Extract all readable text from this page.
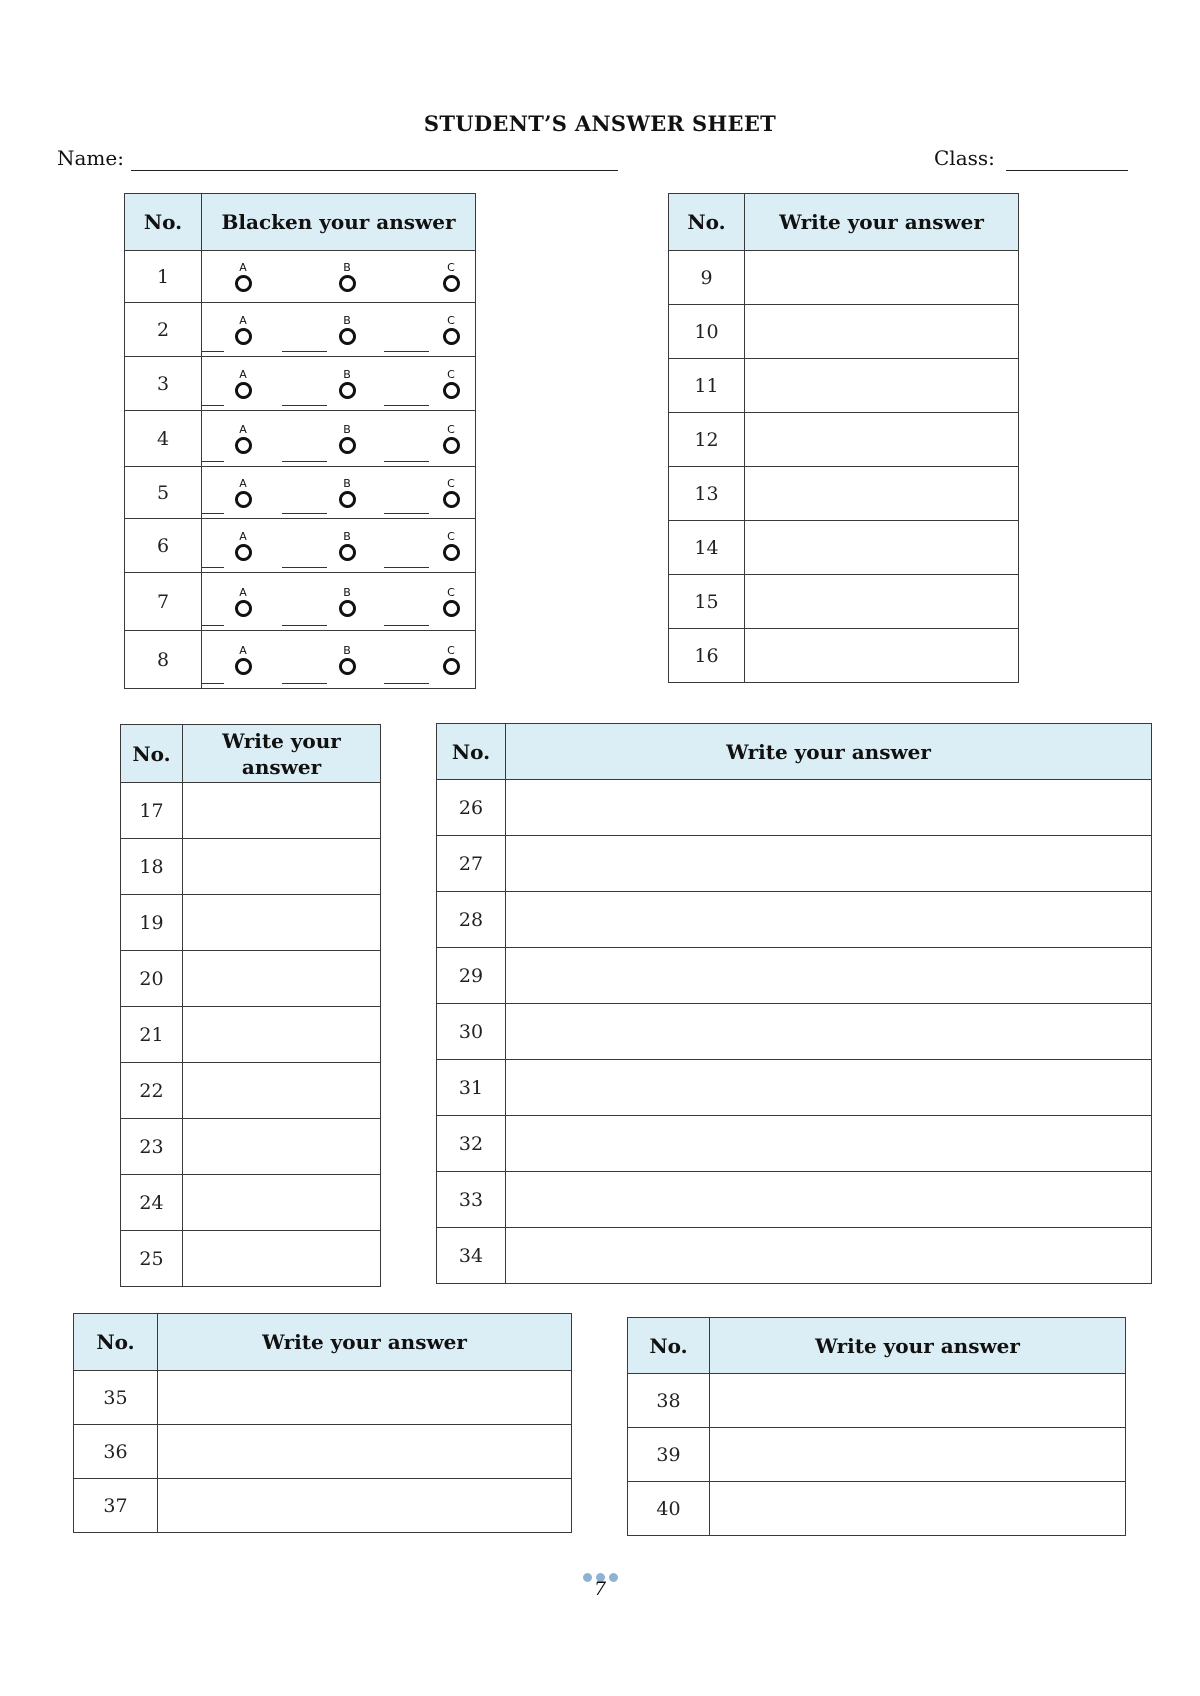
STUDENT’S ANSWER SHEET
Name:	Class:
No.	Blacken your answer
1	A B C

2	A B C

3	A B C

4	A B C

5	A B C

6	A B C

7	A B C

8	A B C
No.	Write your answer
9	
10	
11	
12	
13	
14	
15	
16	
No.	Write your answer
17	
18	
19	
20	
21	
22	
23	
24	
25	
No.	Write your answer
26	
27	
28	
29	
30	
31	
32	
33	
34	
No.	Write your answer
35	
36	
37	
No.	Write your answer
38	
39	
40	
7
